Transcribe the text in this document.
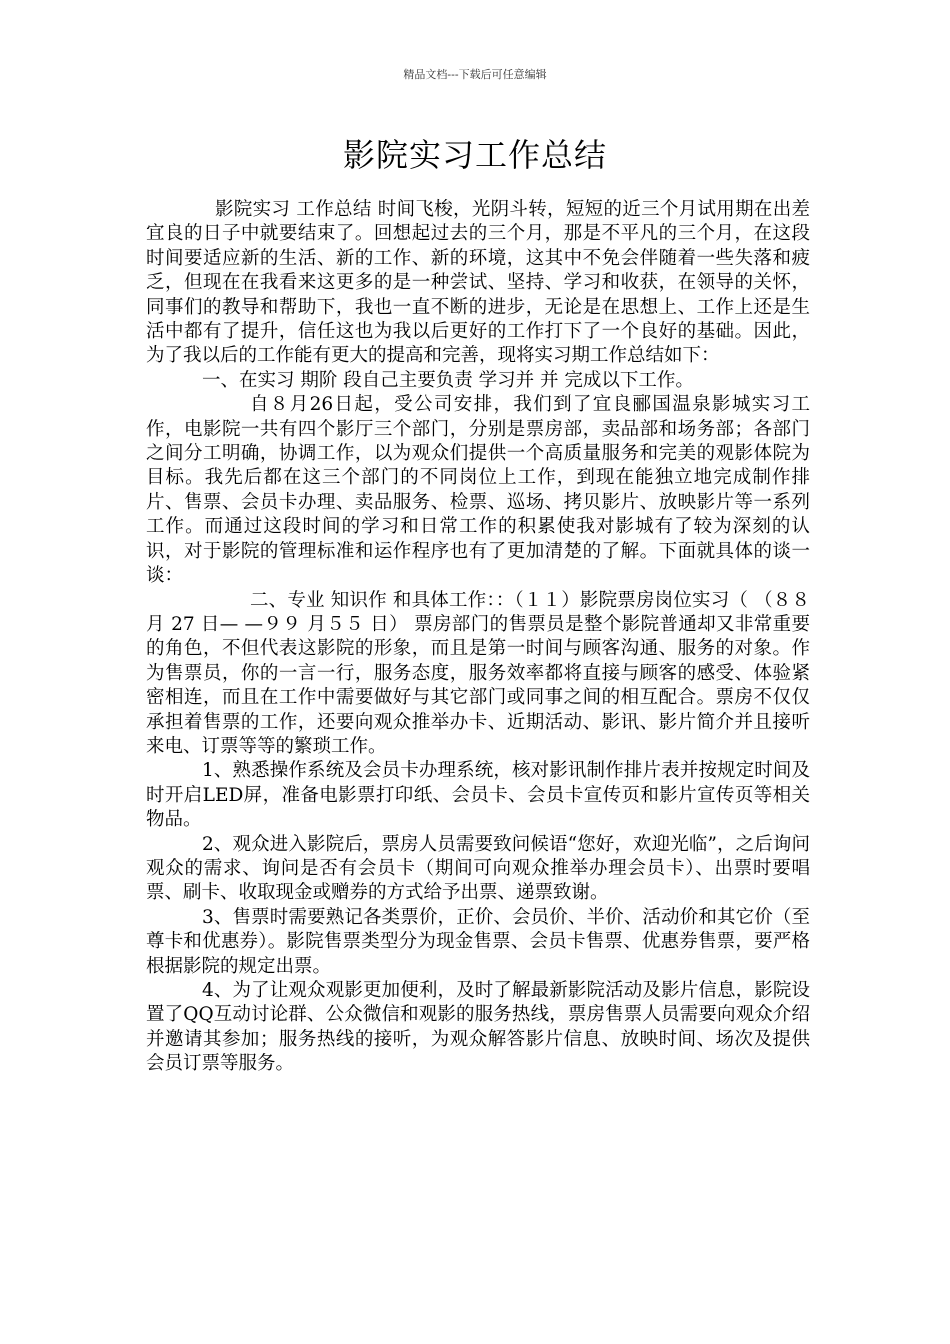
精品文档---下载后可任意编辑
影院实习工作总结

影院实习 工作总结 时间飞梭，光阴斗转，短短的近三个月试用期在出差宜良的日子中就要结束了。回想起过去的三个月，那是不平凡的三个月，在这段时间要适应新的生活、新的工作、新的环境，这其中不免会伴随着一些失落和疲乏，但现在在我看来这更多的是一种尝试、坚持、学习和收获，在领导的关怀，同事们的教导和帮助下，我也一直不断的进步，无论是在思想上、工作上还是生活中都有了提升，信任这也为我以后更好的工作打下了一个良好的基础。因此，为了我以后的工作能有更大的提高和完善，现将实习期工作总结如下：

一、在实习 期阶 段自己主要负责 学习并 并 完成以下工作。

自８月26日起，受公司安排，我们到了宜良郦国温泉影城实习工作，电影院一共有四个影厅三个部门，分别是票房部，卖品部和场务部；各部门之间分工明确，协调工作，以为观众们提供一个高质量服务和完美的观影体院为目标。我先后都在这三个部门的不同岗位上工作，到现在能独立地完成制作排片、售票、会员卡办理、卖品服务、检票、巡场、拷贝影片、放映影片等一系列工作。而通过这段时间的学习和日常工作的积累使我对影城有了较为深刻的认识，对于影院的管理标准和运作程序也有了更加清楚的了解。下面就具体的谈一谈：

二、专业 知识作 和具体工作：：（１１）影院票房岗位实习（ （８８ 月 27 日— —９９ 月５５ 日） 票房部门的售票员是整个影院普通却又非常重要的角色，不但代表这影院的形象，而且是第一时间与顾客沟通、服务的对象。作为售票员，你的一言一行，服务态度，服务效率都将直接与顾客的感受、体验紧密相连，而且在工作中需要做好与其它部门或同事之间的相互配合。票房不仅仅承担着售票的工作，还要向观众推举办卡、近期活动、影讯、影片简介并且接听来电、订票等等的繁琐工作。

1、熟悉操作系统及会员卡办理系统，核对影讯制作排片表并按规定时间及时开启LED屏，准备电影票打印纸、会员卡、会员卡宣传页和影片宣传页等相关物品。

2、观众进入影院后，票房人员需要致问候语“您好，欢迎光临”，之后询问观众的需求、询问是否有会员卡（期间可向观众推举办理会员卡）、出票时要唱票、刷卡、收取现金或赠券的方式给予出票、递票致谢。

3、售票时需要熟记各类票价，正价、会员价、半价、活动价和其它价（至尊卡和优惠券）。影院售票类型分为现金售票、会员卡售票、优惠券售票，要严格根据影院的规定出票。

4、为了让观众观影更加便利，及时了解最新影院活动及影片信息，影院设置了QQ互动讨论群、公众微信和观影的服务热线，票房售票人员需要向观众介绍并邀请其参加；服务热线的接听，为观众解答影片信息、放映时间、场次及提供会员订票等服务。
